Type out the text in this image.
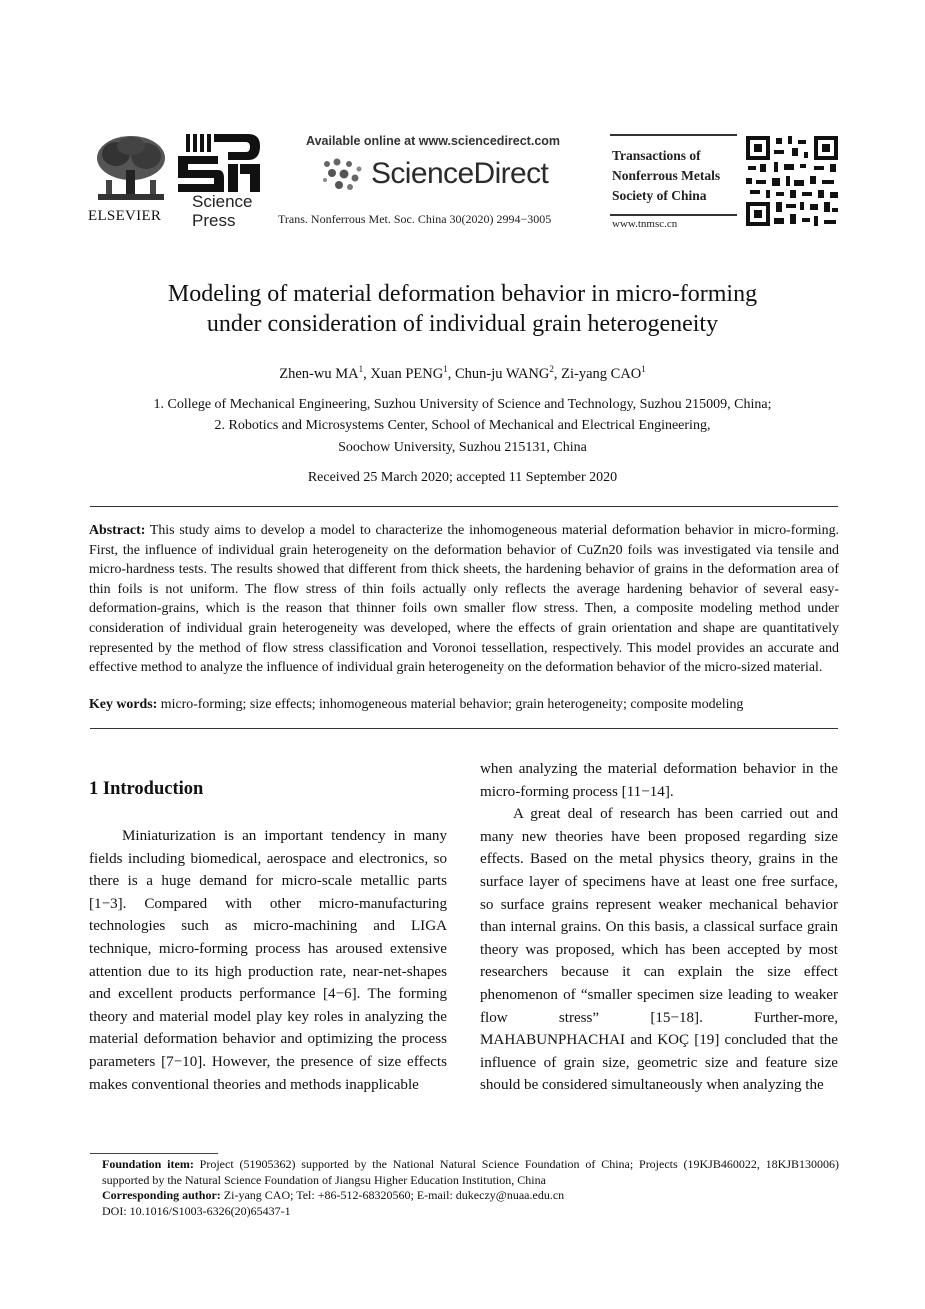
ELSEVIER
Science
Press
Available online at www.sciencedirect.com
ScienceDirect
Trans. Nonferrous Met. Soc. China 30(2020) 2994−3005
Transactions of
Nonferrous Metals
Society of China
www.tnmsc.cn
Modeling of material deformation behavior in micro-forming
under consideration of individual grain heterogeneity
Zhen-wu $MA^1$, Xuan PENG$^1$, Chun-ju WANG$^2$, Zi-yang CAO$^1$
1. College of Mechanical Engineering, Suzhou University of Science and Technology, Suzhou 215009, China;
2. Robotics and Microsystems Center, School of Mechanical and Electrical Engineering,
Soochow University, Suzhou 215131, China
Received 25 March 2020; accepted 11 September 2020
Abstract: This study aims to develop a model to characterize the inhomogeneous material deformation behavior in micro-forming. First, the influence of individual grain heterogeneity on the deformation behavior of CuZn20 foils was investigated via tensile and micro-hardness tests. The results showed that different from thick sheets, the hardening behavior of grains in the deformation area of thin foils is not uniform. The flow stress of thin foils actually only reflects the average hardening behavior of several easy-deformation-grains, which is the reason that thinner foils own smaller flow stress. Then, a composite modeling method under consideration of individual grain heterogeneity was developed, where the effects of grain orientation and shape are quantitatively represented by the method of flow stress classification and Voronoi tessellation, respectively. This model provides an accurate and effective method to analyze the influence of individual grain heterogeneity on the deformation behavior of the micro-sized material.
Key words: micro-forming; size effects; inhomogeneous material behavior; grain heterogeneity; composite modeling
1 Introduction

Miniaturization is an important tendency in many fields including biomedical, aerospace and electronics, so there is a huge demand for micro-scale metallic parts [1−3]. Compared with other micro-manufacturing technologies such as micro-machining and LIGA technique, micro-forming process has aroused extensive attention due to its high production rate, near-net-shapes and excellent products performance [4−6]. The forming theory and material model play key roles in analyzing the material deformation behavior and optimizing the process parameters [7−10]. However, the presence of size effects makes conventional theories and methods inapplicable

when analyzing the material deformation behavior in the micro-forming process [11−14].

A great deal of research has been carried out and many new theories have been proposed regarding size effects. Based on the metal physics theory, grains in the surface layer of specimens have at least one free surface, so surface grains represent weaker mechanical behavior than internal grains. On this basis, a classical surface grain theory was proposed, which has been accepted by most researchers because it can explain the size effect phenomenon of “smaller specimen size leading to weaker flow stress” [15−18]. Further-more, MAHABUNPHACHAI and KOÇ [19] concluded that the influence of grain size, geometric size and feature size should be considered simultaneously when analyzing the

Foundation item: Project (51905362) supported by the National Natural Science Foundation of China; Projects (19KJB460022, 18KJB130006) supported by the Natural Science Foundation of Jiangsu Higher Education Institution, China
Corresponding author: Zi-yang CAO; Tel: +86-512-68320560; E-mail: dukeczy@nuaa.edu.cn
DOI: 10.1016/S1003-6326(20)65437-1
